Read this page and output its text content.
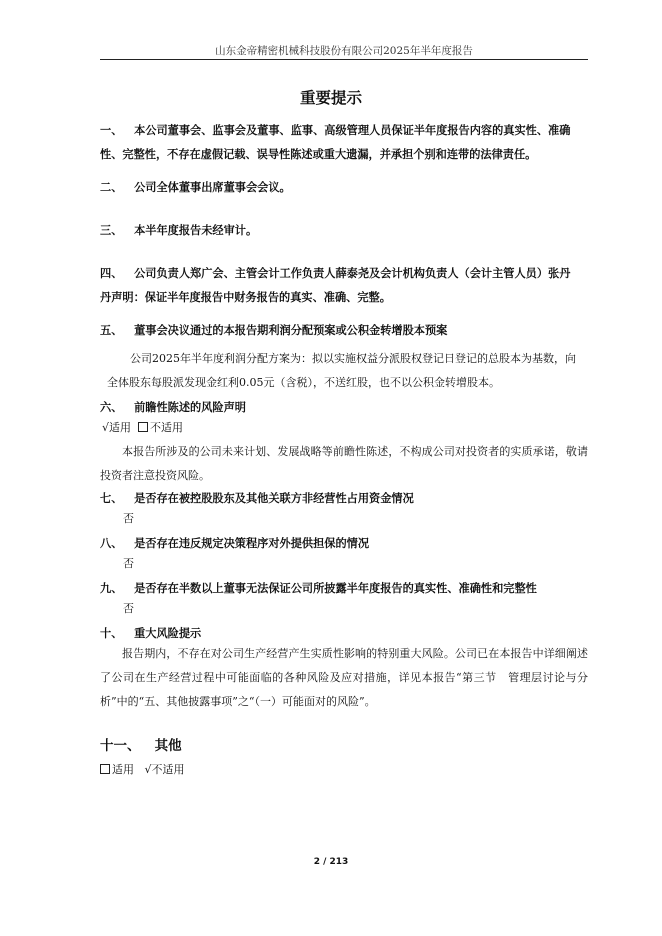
山东金帝精密机械科技股份有限公司2025年半年度报告
重要提示
一、 本公司董事会、监事会及董事、监事、高级管理人员保证半年度报告内容的真实性、准确
性、完整性，不存在虚假记载、误导性陈述或重大遗漏，并承担个别和连带的法律责任。
二、 公司全体董事出席董事会会议。
三、 本半年度报告未经审计。
四、 公司负责人郑广会、主管会计工作负责人薛泰尧及会计机构负责人（会计主管人员）张丹
丹声明：保证半年度报告中财务报告的真实、准确、完整。
五、 董事会决议通过的本报告期利润分配预案或公积金转增股本预案
公司2025年半年度利润分配方案为：拟以实施权益分派股权登记日登记的总股本为基数，向
全体股东每股派发现金红利0.05元（含税），不送红股，也不以公积金转增股本。
六、 前瞻性陈述的风险声明
√适用 不适用
本报告所涉及的公司未来计划、发展战略等前瞻性陈述，不构成公司对投资者的实质承诺，敬请投资者注意投资风险。
七、 是否存在被控股股东及其他关联方非经营性占用资金情况
否
八、 是否存在违反规定决策程序对外提供担保的情况
否
九、 是否存在半数以上董事无法保证公司所披露半年度报告的真实性、准确性和完整性
否
十、 重大风险提示
报告期内，不存在对公司生产经营产生实质性影响的特别重大风险。公司已在本报告中详细阐述了公司在生产经营过程中可能面临的各种风险及应对措施，详见本报告“第三节　管理层讨论与分析”中的“五、其他披露事项”之“（一）可能面对的风险”。
十一、 其他
适用 √不适用
2 / 213
